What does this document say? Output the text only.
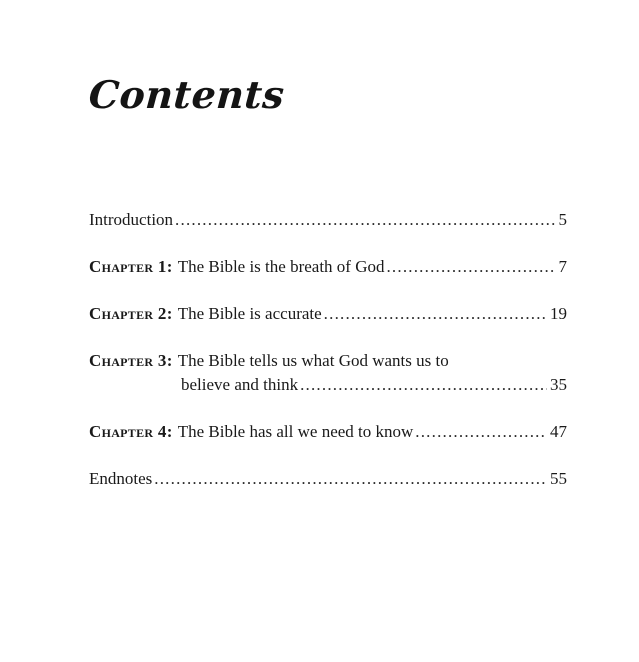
Contents
Introduction .....	5
Chapter 1: The Bible is the breath of God .....	7
Chapter 2: The Bible is accurate .....	19
Chapter 3: The Bible tells us what God wants us to
believe and think .....	35
Chapter 4: The Bible has all we need to know .....	47
Endnotes .....	55
